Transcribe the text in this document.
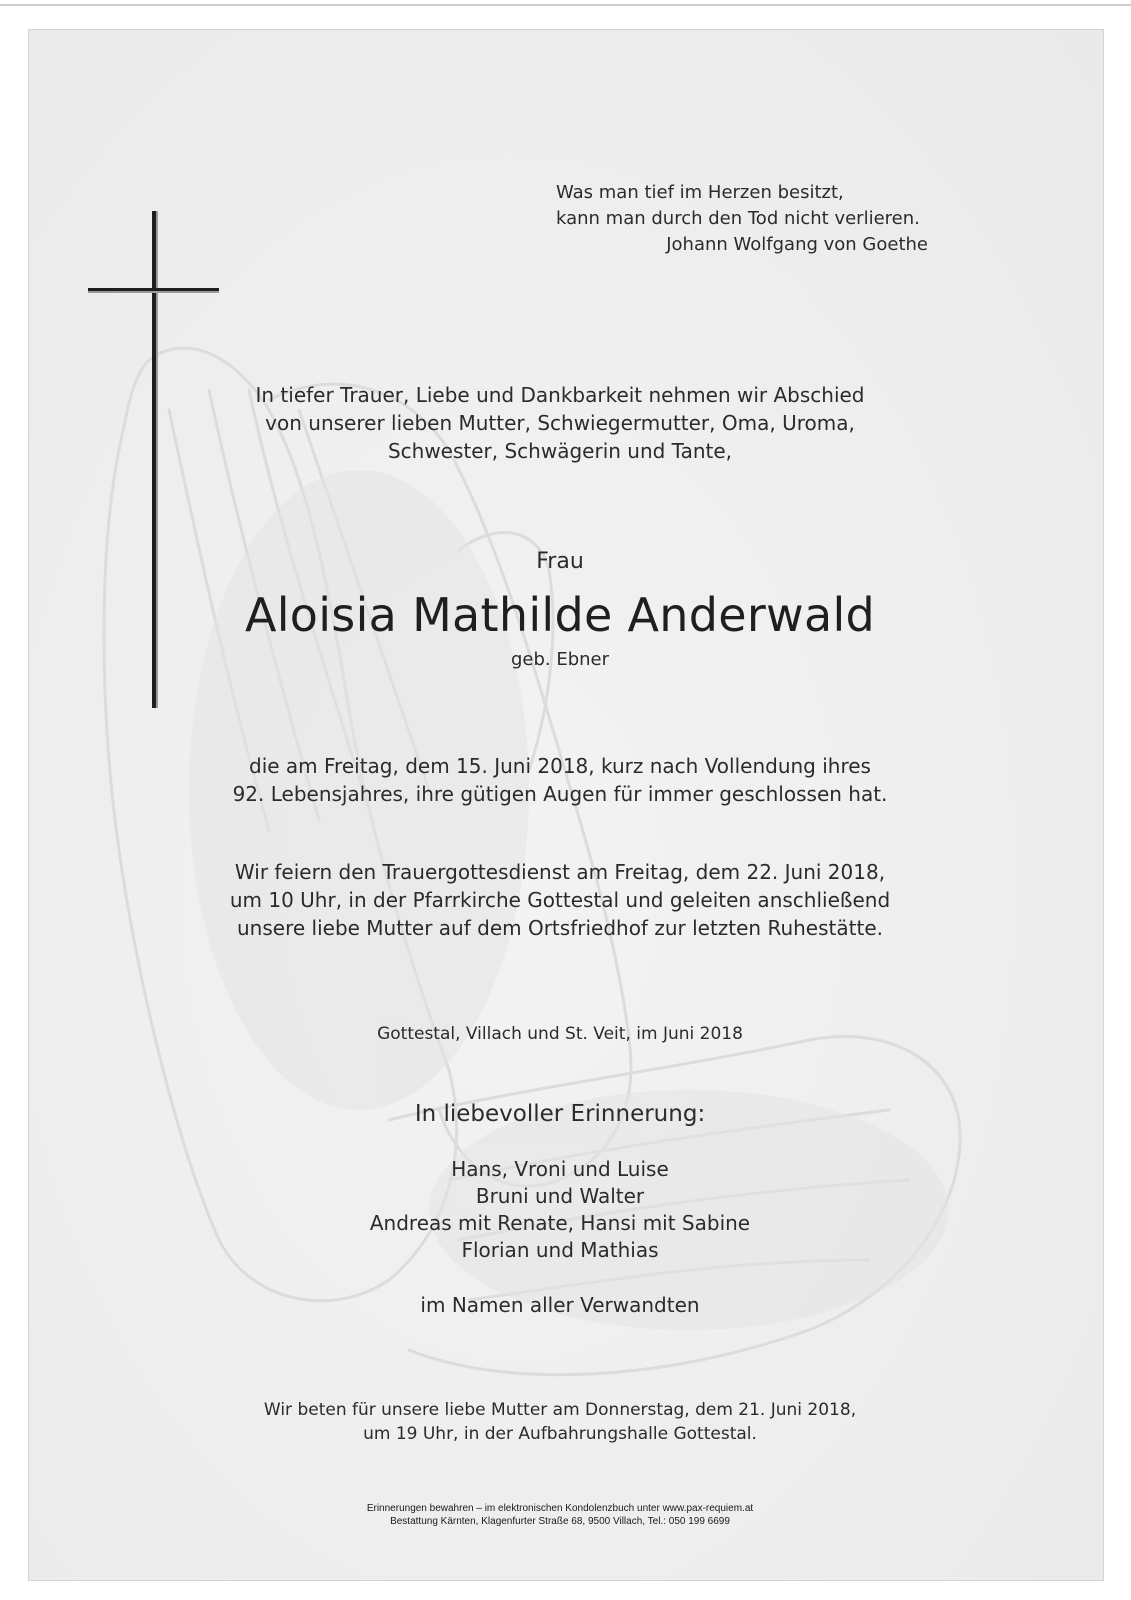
Was man tief im Herzen besitzt,
kann man durch den Tod nicht verlieren.
Johann Wolfgang von Goethe
In tiefer Trauer, Liebe und Dankbarkeit nehmen wir Abschied
von unserer lieben Mutter, Schwiegermutter, Oma, Uroma,
Schwester, Schwägerin und Tante,
Frau
Aloisia Mathilde Anderwald
geb. Ebner
die am Freitag, dem 15. Juni 2018, kurz nach Vollendung ihres
92. Lebensjahres, ihre gütigen Augen für immer geschlossen hat.
Wir feiern den Trauergottesdienst am Freitag, dem 22. Juni 2018,
um 10 Uhr, in der Pfarrkirche Gottestal und geleiten anschließend
unsere liebe Mutter auf dem Ortsfriedhof zur letzten Ruhestätte.
Gottestal, Villach und St. Veit, im Juni 2018
In liebevoller Erinnerung:
Hans, Vroni und Luise
Bruni und Walter
Andreas mit Renate, Hansi mit Sabine
Florian und Mathias
im Namen aller Verwandten
Wir beten für unsere liebe Mutter am Donnerstag, dem 21. Juni 2018,
um 19 Uhr, in der Aufbahrungshalle Gottestal.
Erinnerungen bewahren – im elektronischen Kondolenzbuch unter www.pax-requiem.at
Bestattung Kärnten, Klagenfurter Straße 68, 9500 Villach, Tel.: 050 199 6699
